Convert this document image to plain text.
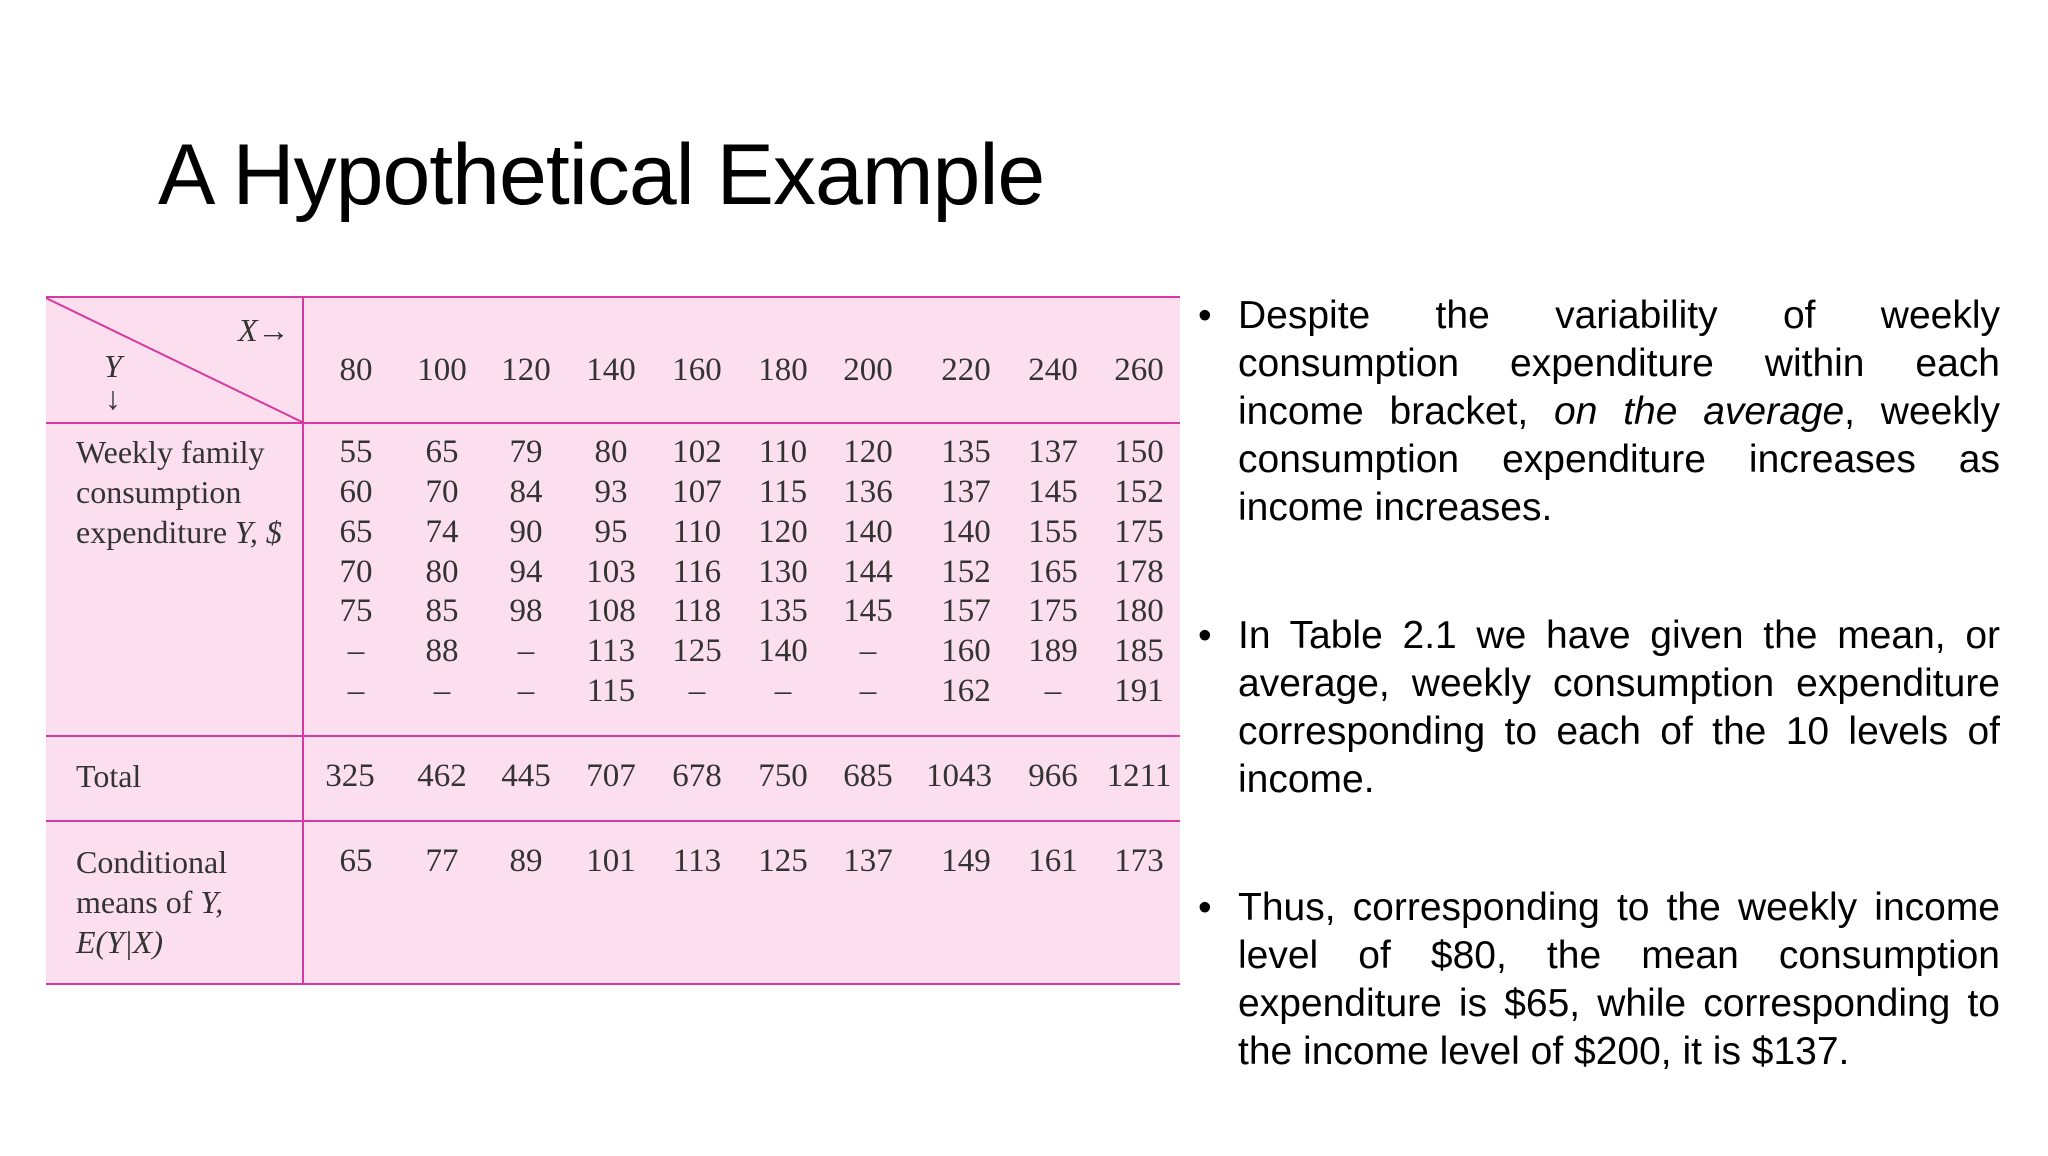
A Hypothetical Example
X→
Y
↓
80 100 120 140 160 180 200 220 240 260
Weekly family
consumption
expenditure Y, $
55
60
65
70
75
–
–
65
70
74
80
85
88
–
79
84
90
94
98
–
–
80
93
95
103
108
113
115
102
107
110
116
118
125
–
110
115
120
130
135
140
–
120
136
140
144
145
–
–
135
137
140
152
157
160
162
137
145
155
165
175
189
–
150
152
175
178
180
185
191
Total	325 462 445 707 678 750 685 1043 966 1211
Conditional
means of Y,
E(Y|X)
65 77 89 101 113 125 137 149 161 173
• Despite the variability of weekly consumption expenditure within each income bracket, on the average, weekly consumption expenditure increases as income increases.
• In Table 2.1 we have given the mean, or average, weekly consumption expenditure corresponding to each of the 10 levels of income.
• Thus, corresponding to the weekly income level of $80, the mean consumption expenditure is $65, while corresponding to the income level of $200, it is $137.
